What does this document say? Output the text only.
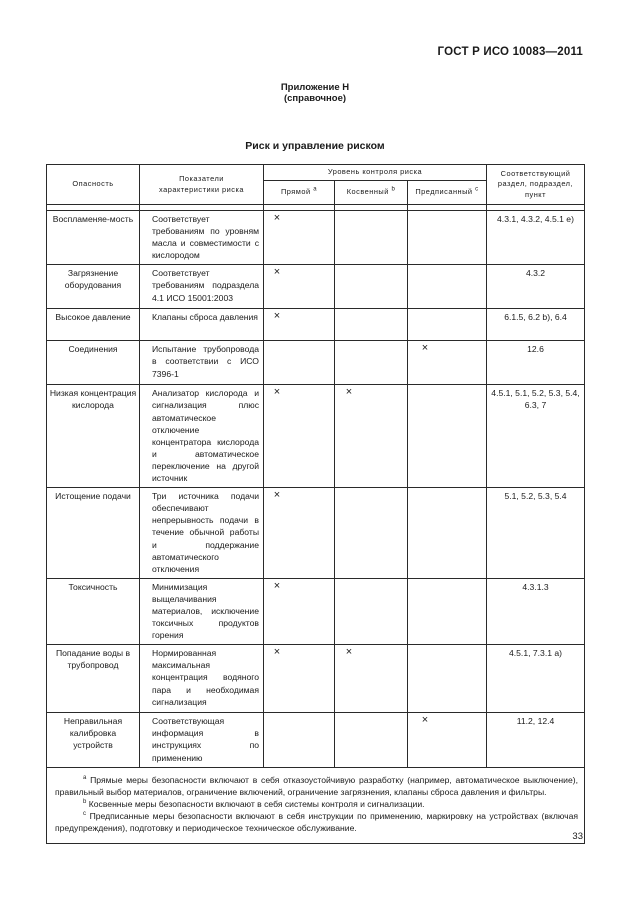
ГОСТ Р ИСО 10083—2011
Приложение Н
(справочное)
Риск и управление риском
Опасность	Показатели характеристики риска	Уровень контроля риска			Соответствующий раздел, подраздел, пункт
		Прямой $^a$	Косвенный $^b$	Предписанный $^c$

Воспламеняе-мость	Соответствует требованиям по уровням масла и совместимости с кислородом	×			4.3.1, 4.3.2, 4.5.1 е)
Загрязнение оборудования	Соответствует требованиям подраздела 4.1 ИСО 15001:2003	×			4.3.2
Высокое давление	Клапаны сброса давления	×			6.1.5, 6.2 b), 6.4
Соединения	Испытание трубопровода в соответствии с ИСО 7396-1			×	12.6
Низкая концентрация кислорода	Анализатор кислорода и сигнализация плюс автоматическое отключение концентратора кислорода и автоматическое переключение на другой источник	×	×		4.5.1, 5.1, 5.2, 5.3, 5.4, 6.3, 7
Истощение подачи	Три источника подачи обеспечивают непрерывность подачи в течение обычной работы и поддержание автоматического отключения	×			5.1, 5.2, 5.3, 5.4
Токсичность	Минимизация выщелачивания материалов, исключение токсичных продуктов горения	×			4.3.1.3
Попадание воды в трубопровод	Нормированная максимальная концентрация водяного пара и необходимая сигнализация	×	×		4.5.1, 7.3.1 a)
Неправильная калибровка устройств	Соответствующая информация в инструкциях по применению			×	11.2, 12.4

$^a$ Прямые меры безопасности включают в себя отказоустойчивую разработку (например, автоматическое выключение), правильный выбор материалов, ограничение включений, ограничение загрязнения, клапаны сброса давления и фильтры.
$^b$ Косвенные меры безопасности включают в себя системы контроля и сигнализации.
$^c$ Предписанные меры безопасности включают в себя инструкции по применению, маркировку на устройствах (включая предупреждения), подготовку и периодическое техническое обслуживание.					
33
